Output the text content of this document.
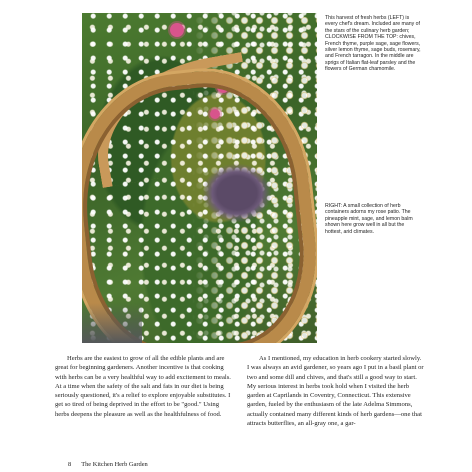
This harvest of fresh herbs (LEFT) is every chef's dream. Included are many of the stars of the culinary herb garden; CLOCKWISE FROM THE TOP: chives, French thyme, purple sage, sage flowers, silver lemon thyme, sage buds, rosemary, and French tarragon. In the middle are sprigs of Italian flat-leaf parsley and the flowers of German chamomile.
RIGHT: A small collection of herb containers adorns my rose patio. The pineapple mint, sage, and lemon balm shown here grow well in all but the hottest, arid climates.

Herbs are the easiest to grow of all the edible plants and are great for beginning gardeners. Another incentive is that cooking with herbs can be a very healthful way to add excitement to meals. At a time when the safety of the salt and fats in our diet is being seriously questioned, it's a relief to explore enjoyable substitutes. I get so tired of being deprived in the effort to be "good." Using herbs deepens the pleasure as well as the healthfulness of food.

As I mentioned, my education in herb cookery started slowly. I was always an avid gardener, so years ago I put in a basil plant or two and some dill and chives, and that's still a good way to start. My serious interest in herbs took hold when I visited the herb garden at Caprilands in Coventry, Connecticut. This extensive garden, fueled by the enthusiasm of the late Adelma Simmons, actually contained many different kinds of herb gardens—one that attracts butterflies, an all-gray one, a gar-

8 The Kitchen Herb Garden
